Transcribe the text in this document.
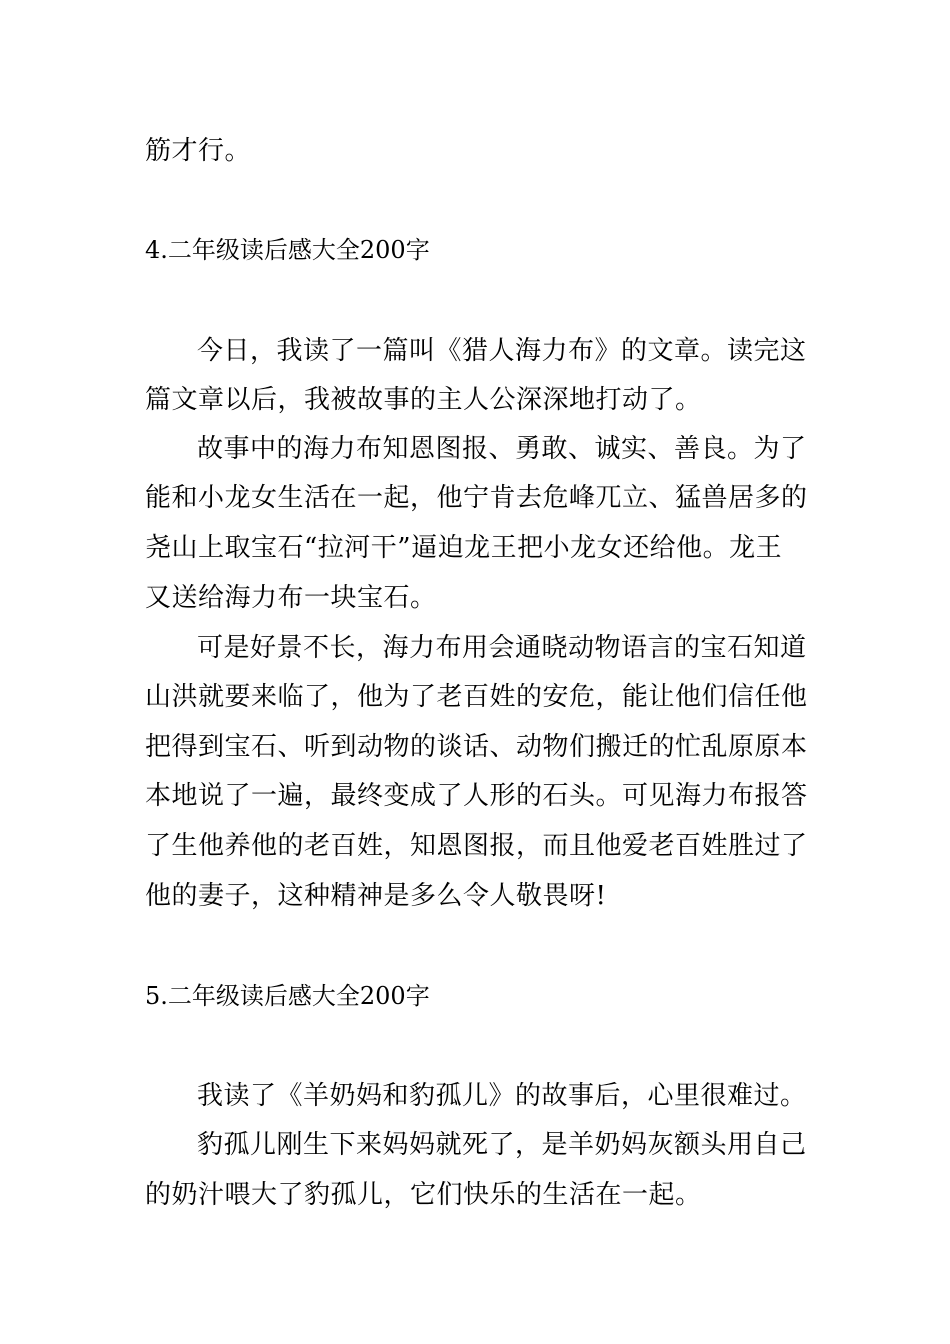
筋才行。
4.二年级读后感大全200字
今日，我读了一篇叫《猎人海力布》的文章。读完这
篇文章以后，我被故事的主人公深深地打动了。
故事中的海力布知恩图报、勇敢、诚实、善良。为了
能和小龙女生活在一起，他宁肯去危峰兀立、猛兽居多的
尧山上取宝石“拉河干”逼迫龙王把小龙女还给他。龙王
又送给海力布一块宝石。
可是好景不长，海力布用会通晓动物语言的宝石知道
山洪就要来临了，他为了老百姓的安危，能让他们信任他
把得到宝石、听到动物的谈话、动物们搬迁的忙乱原原本
本地说了一遍，最终变成了人形的石头。可见海力布报答
了生他养他的老百姓，知恩图报，而且他爱老百姓胜过了
他的妻子，这种精神是多么令人敬畏呀!
5.二年级读后感大全200字
我读了《羊奶妈和豹孤儿》的故事后，心里很难过。
豹孤儿刚生下来妈妈就死了，是羊奶妈灰额头用自己
的奶汁喂大了豹孤儿，它们快乐的生活在一起。
